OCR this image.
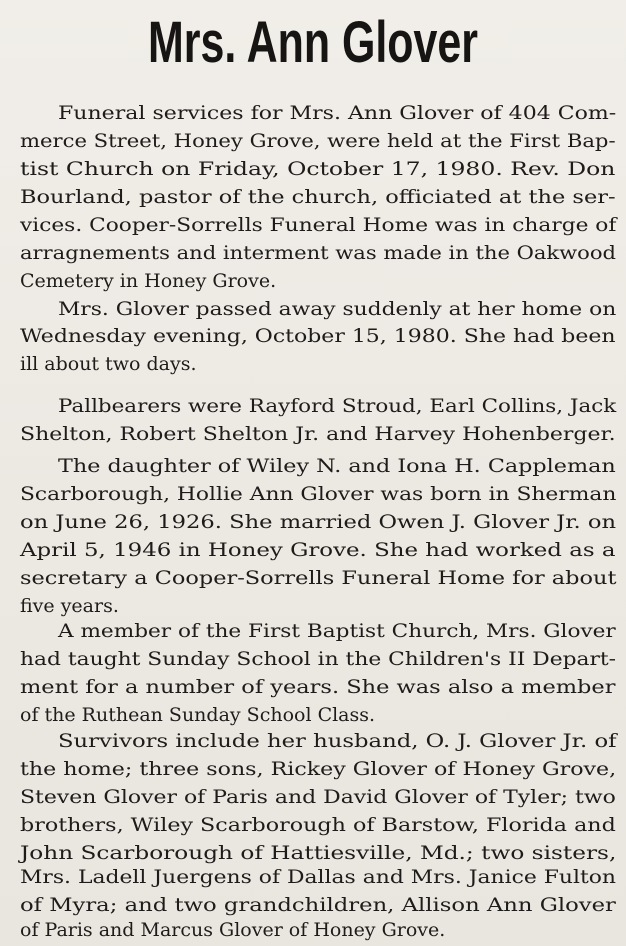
Mrs. Ann Glover
Funeral services for Mrs. Ann Glover of 404 Com-
merce Street, Honey Grove, were held at the First Bap-
tist Church on Friday, October 17, 1980. Rev. Don
Bourland, pastor of the church, officiated at the ser-
vices. Cooper-Sorrells Funeral Home was in charge of
arragnements and interment was made in the Oakwood
Cemetery in Honey Grove.
Mrs. Glover passed away suddenly at her home on
Wednesday evening, October 15, 1980. She had been
ill about two days.
Pallbearers were Rayford Stroud, Earl Collins, Jack
Shelton, Robert Shelton Jr. and Harvey Hohenberger.
The daughter of Wiley N. and Iona H. Cappleman
Scarborough, Hollie Ann Glover was born in Sherman
on June 26, 1926. She married Owen J. Glover Jr. on
April 5, 1946 in Honey Grove. She had worked as a
secretary a Cooper-Sorrells Funeral Home for about
five years.
A member of the First Baptist Church, Mrs. Glover
had taught Sunday School in the Children's II Depart-
ment for a number of years. She was also a member
of the Ruthean Sunday School Class.
Survivors include her husband, O. J. Glover Jr. of
the home; three sons, Rickey Glover of Honey Grove,
Steven Glover of Paris and David Glover of Tyler; two
brothers, Wiley Scarborough of Barstow, Florida and
John Scarborough of Hattiesville, Md.; two sisters,
Mrs. Ladell Juergens of Dallas and Mrs. Janice Fulton
of Myra; and two grandchildren, Allison Ann Glover
of Paris and Marcus Glover of Honey Grove.
